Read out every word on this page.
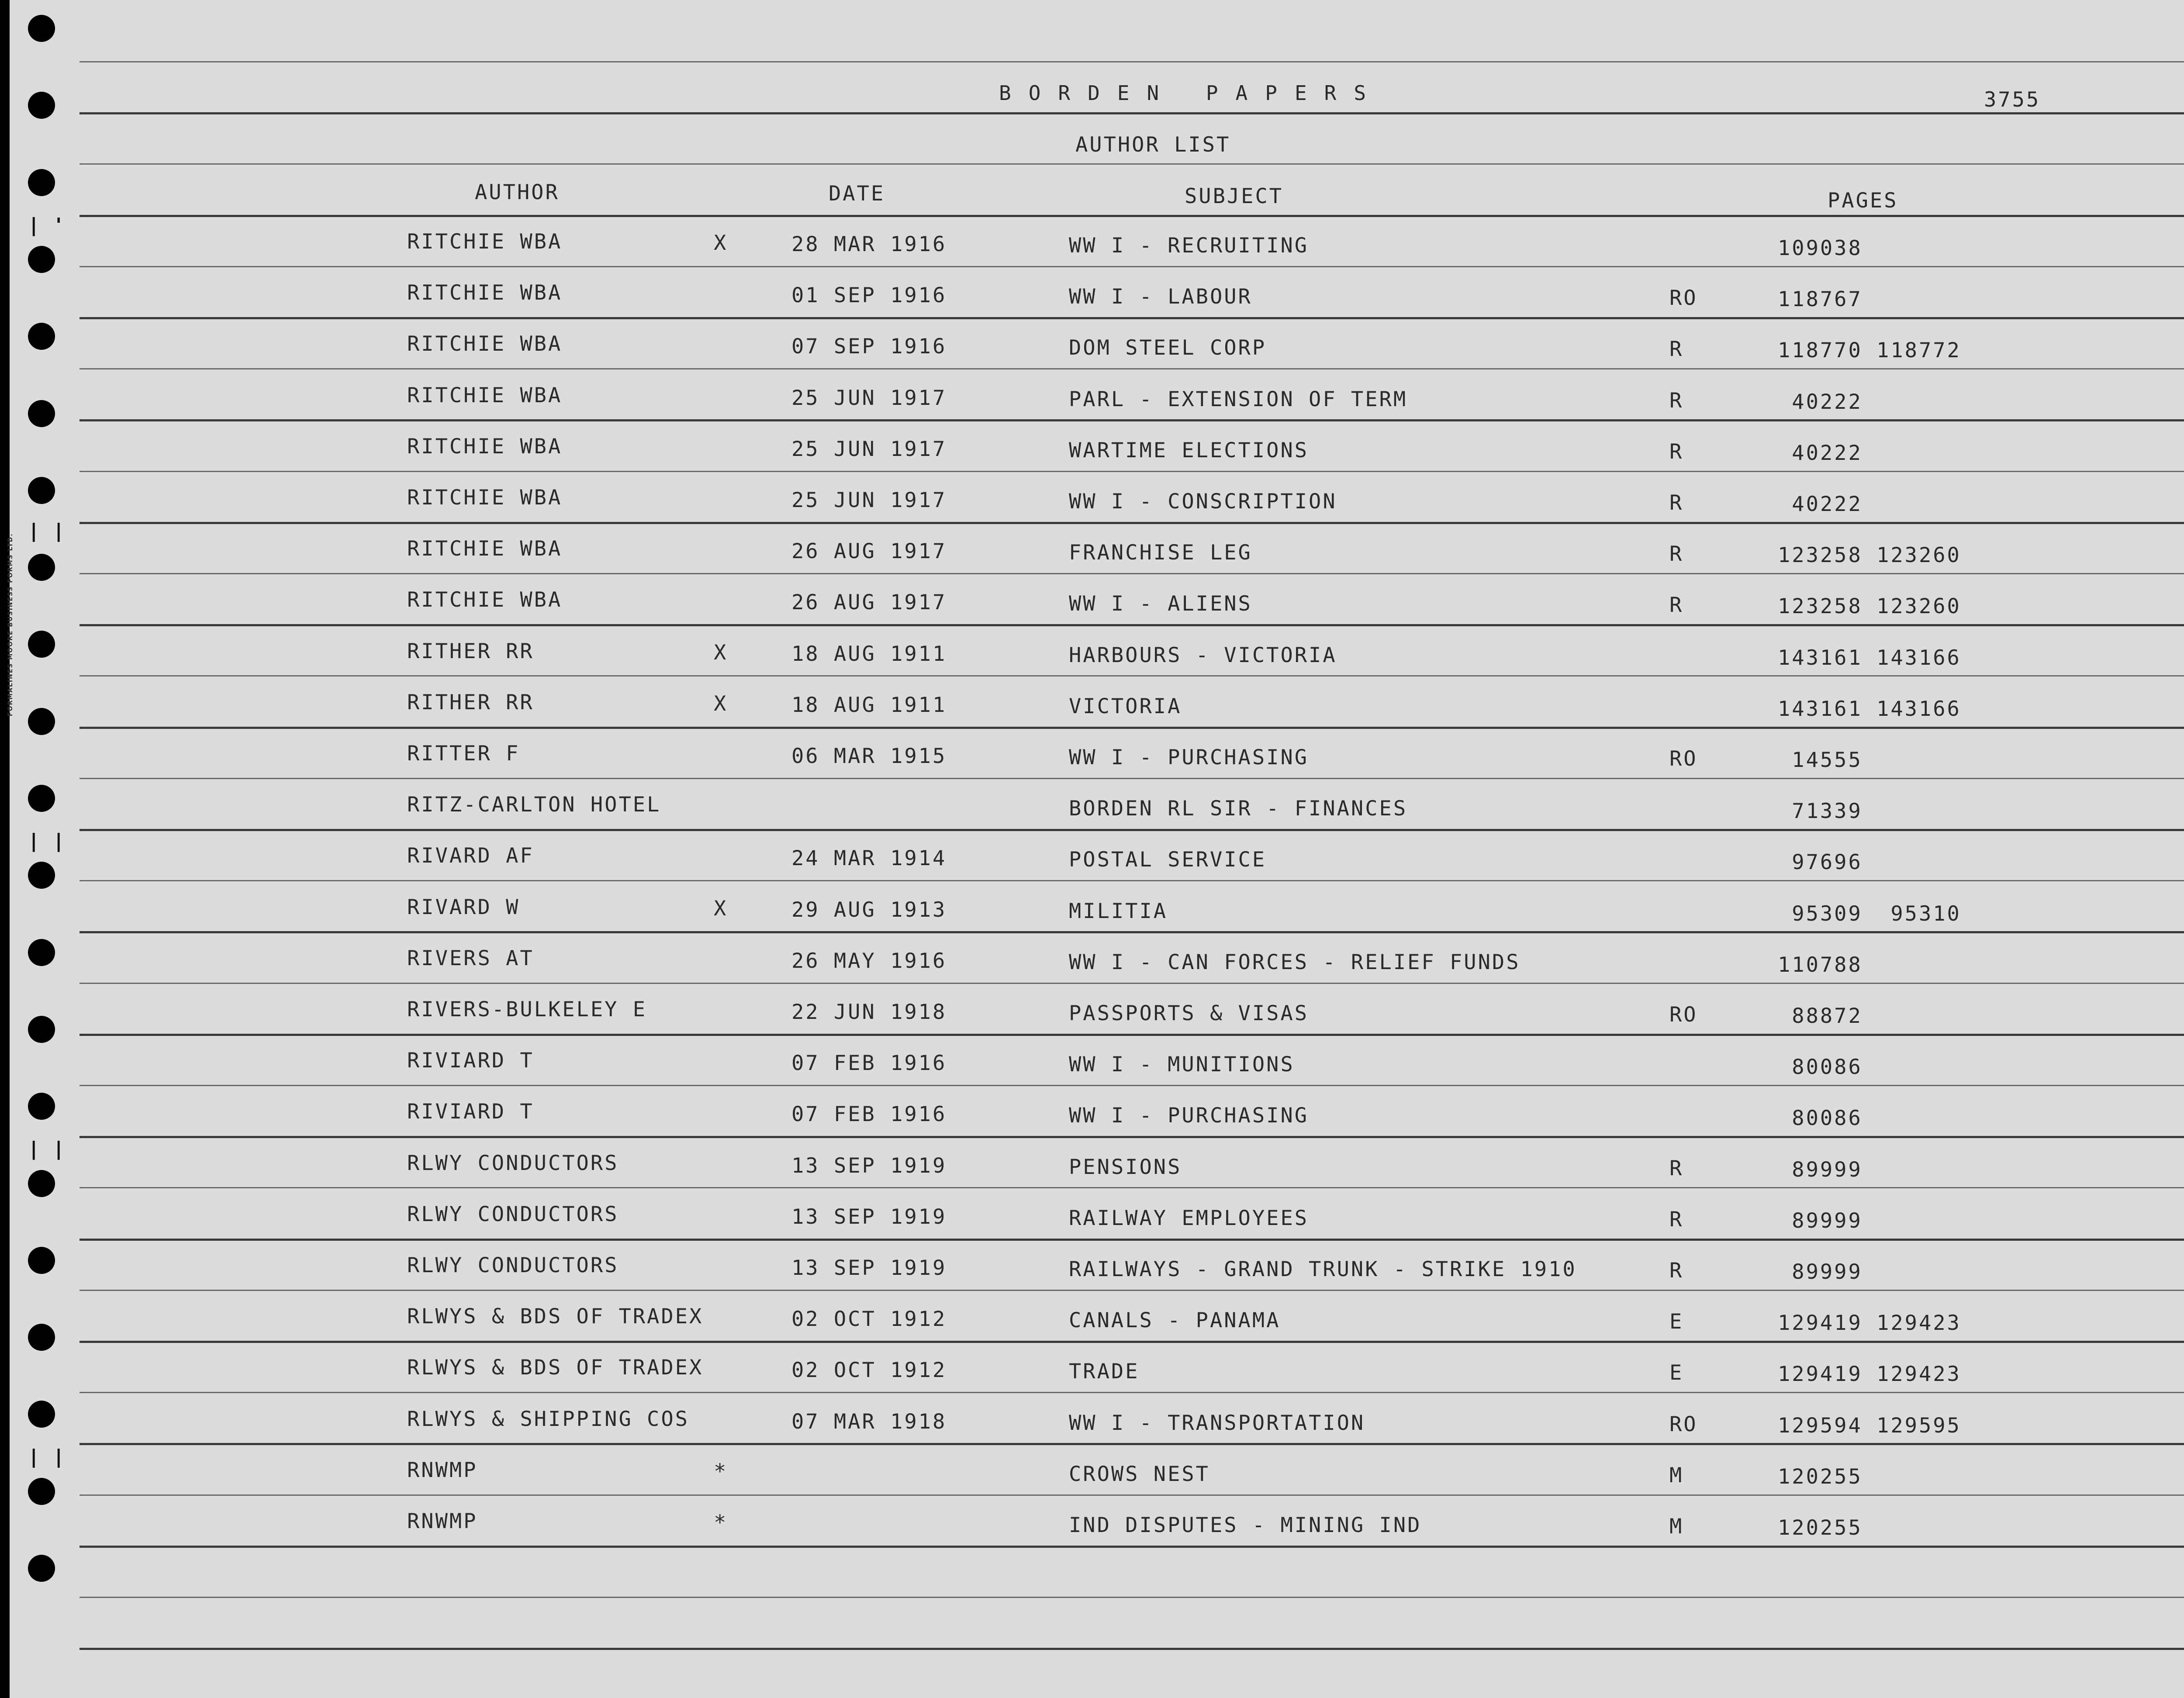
FORMALINES MOORE BUSINESS FORMS LTD.
BORDEN PAPERS	3755
AUTHOR LIST
AUTHOR	DATE	SUBJECT	PAGES
RITCHIE WBA	X	28 MAR 1916	WW I - RECRUITING	109038
RITCHIE WBA	01 SEP 1916	WW I - LABOUR	RO	118767
RITCHIE WBA	07 SEP 1916	DOM STEEL CORP	R	118770 118772
RITCHIE WBA	25 JUN 1917	PARL - EXTENSION OF TERM	R	40222
RITCHIE WBA	25 JUN 1917	WARTIME ELECTIONS	R	40222
RITCHIE WBA	25 JUN 1917	WW I - CONSCRIPTION	R	40222
RITCHIE WBA	26 AUG 1917	FRANCHISE LEG	R	123258 123260
RITCHIE WBA	26 AUG 1917	WW I - ALIENS	R	123258 123260
RITHER RR	X	18 AUG 1911	HARBOURS - VICTORIA	143161 143166
RITHER RR	X	18 AUG 1911	VICTORIA	143161 143166
RITTER F	06 MAR 1915	WW I - PURCHASING	RO	14555
RITZ-CARLTON HOTEL	BORDEN RL SIR - FINANCES	71339
RIVARD AF	24 MAR 1914	POSTAL SERVICE	97696
RIVARD W	X	29 AUG 1913	MILITIA	95309  95310
RIVERS AT	26 MAY 1916	WW I - CAN FORCES - RELIEF FUNDS	110788
RIVERS-BULKELEY E	22 JUN 1918	PASSPORTS & VISAS	RO	88872
RIVIARD T	07 FEB 1916	WW I - MUNITIONS	80086
RIVIARD T	07 FEB 1916	WW I - PURCHASING	80086
RLWY CONDUCTORS	13 SEP 1919	PENSIONS	R	89999
RLWY CONDUCTORS	13 SEP 1919	RAILWAY EMPLOYEES	R	89999
RLWY CONDUCTORS	13 SEP 1919	RAILWAYS - GRAND TRUNK - STRIKE 1910	R	89999
RLWYS & BDS OF TRADEX	02 OCT 1912	CANALS - PANAMA	E	129419 129423
RLWYS & BDS OF TRADEX	02 OCT 1912	TRADE	E	129419 129423
RLWYS & SHIPPING COS	07 MAR 1918	WW I - TRANSPORTATION	RO	129594 129595
RNWMP	*	CROWS NEST	M	120255
RNWMP	*	IND DISPUTES - MINING IND	M	120255
| '
| |
| |
| |
| |
